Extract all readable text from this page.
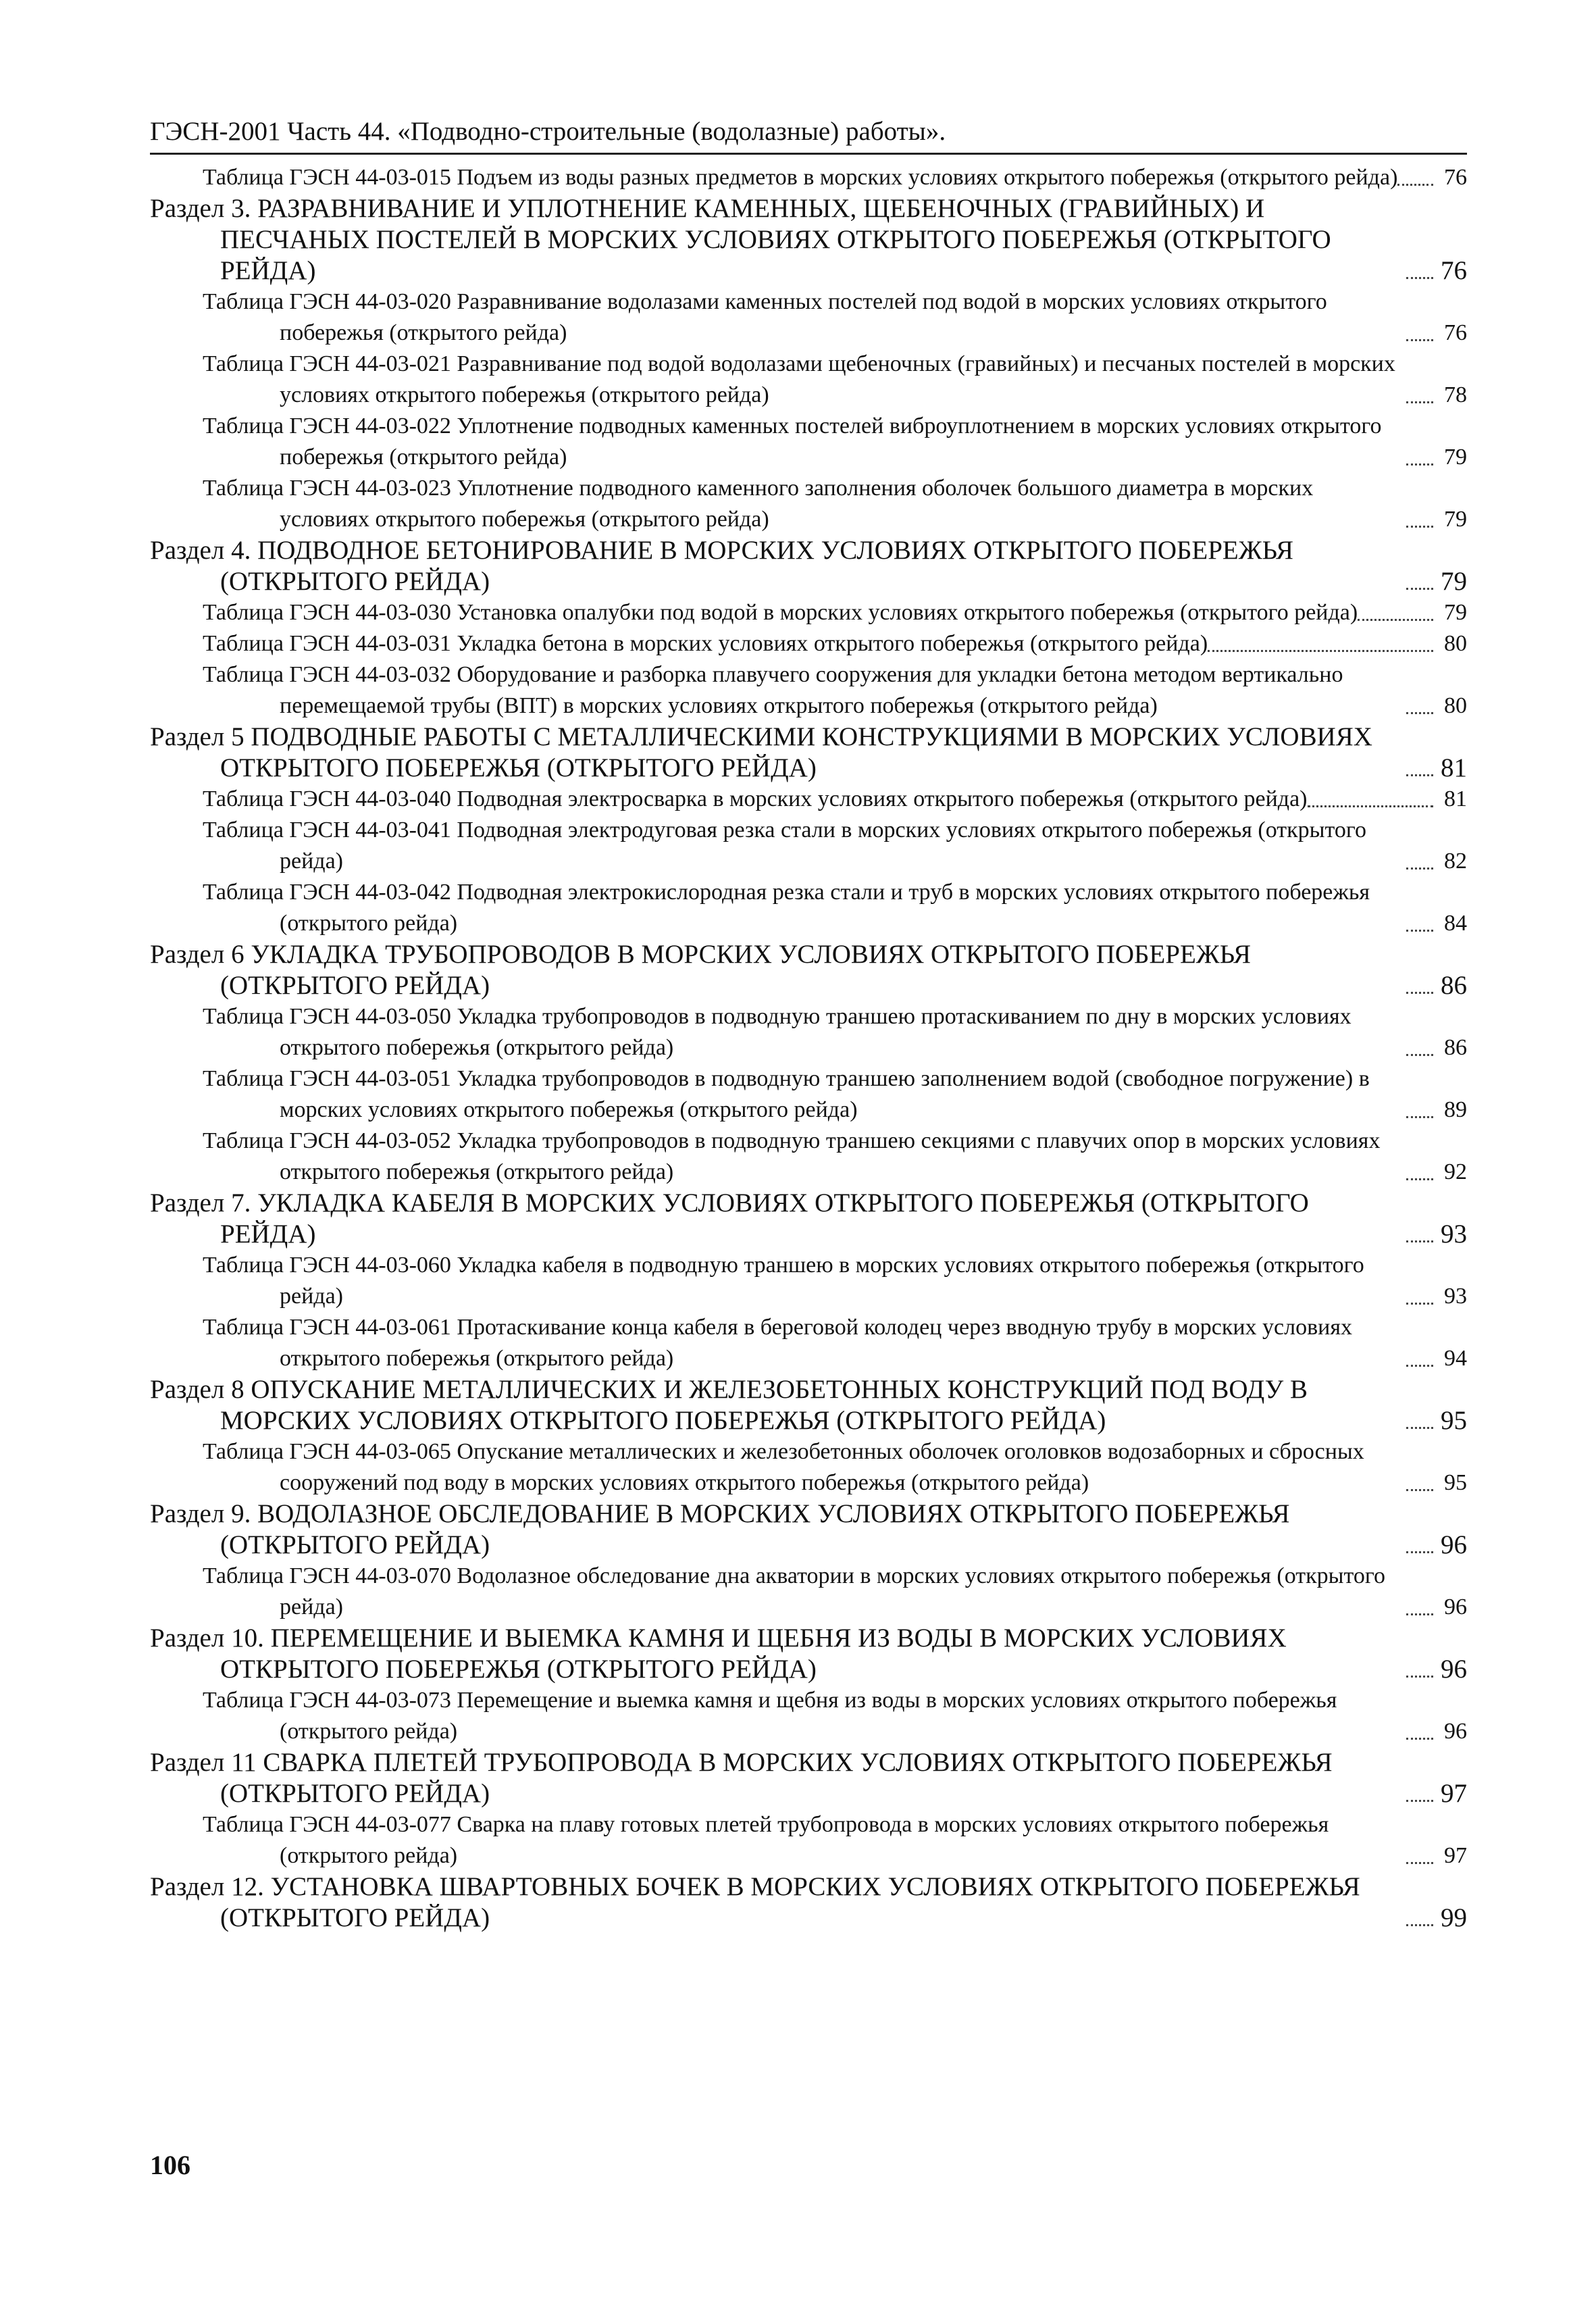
ГЭСН-2001 Часть 44. «Подводно-строительные (водолазные) работы».
Таблица ГЭСН 44-03-015 Подъем из воды разных предметов в морских условиях открытого побережья (открытого рейда)	76
Раздел 3. РАЗРАВНИВАНИЕ И УПЛОТНЕНИЕ КАМЕННЫХ, ЩЕБЕНОЧНЫХ (ГРАВИЙНЫХ) И ПЕСЧАНЫХ ПОСТЕЛЕЙ В МОРСКИХ УСЛОВИЯХ ОТКРЫТОГО ПОБЕРЕЖЬЯ (ОТКРЫТОГО РЕЙДА)	76
Таблица ГЭСН 44-03-020 Разравнивание водолазами каменных постелей под водой в морских условиях открытого побережья (открытого рейда)	76
Таблица ГЭСН 44-03-021 Разравнивание под водой водолазами щебеночных (гравийных) и песчаных постелей в морских условиях открытого побережья (открытого рейда)	78
Таблица ГЭСН 44-03-022 Уплотнение подводных каменных постелей виброуплотнением в морских условиях открытого побережья (открытого рейда)	79
Таблица ГЭСН 44-03-023 Уплотнение подводного каменного заполнения оболочек большого диаметра в морских условиях открытого побережья (открытого рейда)	79
Раздел 4. ПОДВОДНОЕ БЕТОНИРОВАНИЕ В МОРСКИХ УСЛОВИЯХ ОТКРЫТОГО ПОБЕРЕЖЬЯ (ОТКРЫТОГО РЕЙДА)	79
Таблица ГЭСН 44-03-030 Установка опалубки под водой в морских условиях открытого побережья (открытого рейда)	79
Таблица ГЭСН 44-03-031 Укладка бетона в морских условиях открытого побережья (открытого рейда)	80
Таблица ГЭСН 44-03-032 Оборудование и разборка плавучего сооружения для укладки бетона методом вертикально перемещаемой трубы (ВПТ) в морских условиях открытого побережья (открытого рейда)	80
Раздел 5 ПОДВОДНЫЕ РАБОТЫ С МЕТАЛЛИЧЕСКИМИ КОНСТРУКЦИЯМИ В МОРСКИХ УСЛОВИЯХ ОТКРЫТОГО ПОБЕРЕЖЬЯ (ОТКРЫТОГО РЕЙДА)	81
Таблица ГЭСН 44-03-040 Подводная электросварка в морских условиях открытого побережья (открытого рейда)	81
Таблица ГЭСН 44-03-041 Подводная электродуговая резка стали в морских условиях открытого побережья (открытого рейда)	82
Таблица ГЭСН 44-03-042 Подводная электрокислородная резка стали и труб в морских условиях открытого побережья (открытого рейда)	84
Раздел 6 УКЛАДКА ТРУБОПРОВОДОВ В МОРСКИХ УСЛОВИЯХ ОТКРЫТОГО ПОБЕРЕЖЬЯ (ОТКРЫТОГО РЕЙДА)	86
Таблица ГЭСН 44-03-050 Укладка трубопроводов в подводную траншею протаскиванием по дну в морских условиях открытого побережья (открытого рейда)	86
Таблица ГЭСН 44-03-051 Укладка трубопроводов в подводную траншею заполнением водой (свободное погружение) в морских условиях открытого побережья (открытого рейда)	89
Таблица ГЭСН 44-03-052 Укладка трубопроводов в подводную траншею секциями с плавучих опор в морских условиях открытого побережья (открытого рейда)	92
Раздел 7. УКЛАДКА КАБЕЛЯ В МОРСКИХ УСЛОВИЯХ ОТКРЫТОГО ПОБЕРЕЖЬЯ (ОТКРЫТОГО РЕЙДА)	93
Таблица ГЭСН 44-03-060 Укладка кабеля в подводную траншею в морских условиях открытого побережья (открытого рейда)	93
Таблица ГЭСН 44-03-061 Протаскивание конца кабеля в береговой колодец через вводную трубу в морских условиях открытого побережья (открытого рейда)	94
Раздел 8 ОПУСКАНИЕ МЕТАЛЛИЧЕСКИХ И ЖЕЛЕЗОБЕТОННЫХ КОНСТРУКЦИЙ ПОД ВОДУ В МОРСКИХ УСЛОВИЯХ ОТКРЫТОГО ПОБЕРЕЖЬЯ (ОТКРЫТОГО РЕЙДА)	95
Таблица ГЭСН 44-03-065 Опускание металлических и железобетонных оболочек оголовков водозаборных и сбросных сооружений под воду в морских условиях открытого побережья (открытого рейда)	95
Раздел 9. ВОДОЛАЗНОЕ ОБСЛЕДОВАНИЕ В МОРСКИХ УСЛОВИЯХ ОТКРЫТОГО ПОБЕРЕЖЬЯ (ОТКРЫТОГО РЕЙДА)	96
Таблица ГЭСН 44-03-070 Водолазное обследование дна акватории в морских условиях открытого побережья (открытого рейда)	96
Раздел 10. ПЕРЕМЕЩЕНИЕ И ВЫЕМКА КАМНЯ И ЩЕБНЯ ИЗ ВОДЫ В МОРСКИХ УСЛОВИЯХ ОТКРЫТОГО ПОБЕРЕЖЬЯ (ОТКРЫТОГО РЕЙДА)	96
Таблица ГЭСН 44-03-073 Перемещение и выемка камня и щебня из воды в морских условиях открытого побережья (открытого рейда)	96
Раздел 11 СВАРКА ПЛЕТЕЙ ТРУБОПРОВОДА В МОРСКИХ УСЛОВИЯХ ОТКРЫТОГО ПОБЕРЕЖЬЯ (ОТКРЫТОГО РЕЙДА)	97
Таблица ГЭСН 44-03-077 Сварка на плаву готовых плетей трубопровода в морских условиях открытого побережья (открытого рейда)	97
Раздел 12. УСТАНОВКА ШВАРТОВНЫХ БОЧЕК В МОРСКИХ УСЛОВИЯХ ОТКРЫТОГО ПОБЕРЕЖЬЯ (ОТКРЫТОГО РЕЙДА)	99
106
